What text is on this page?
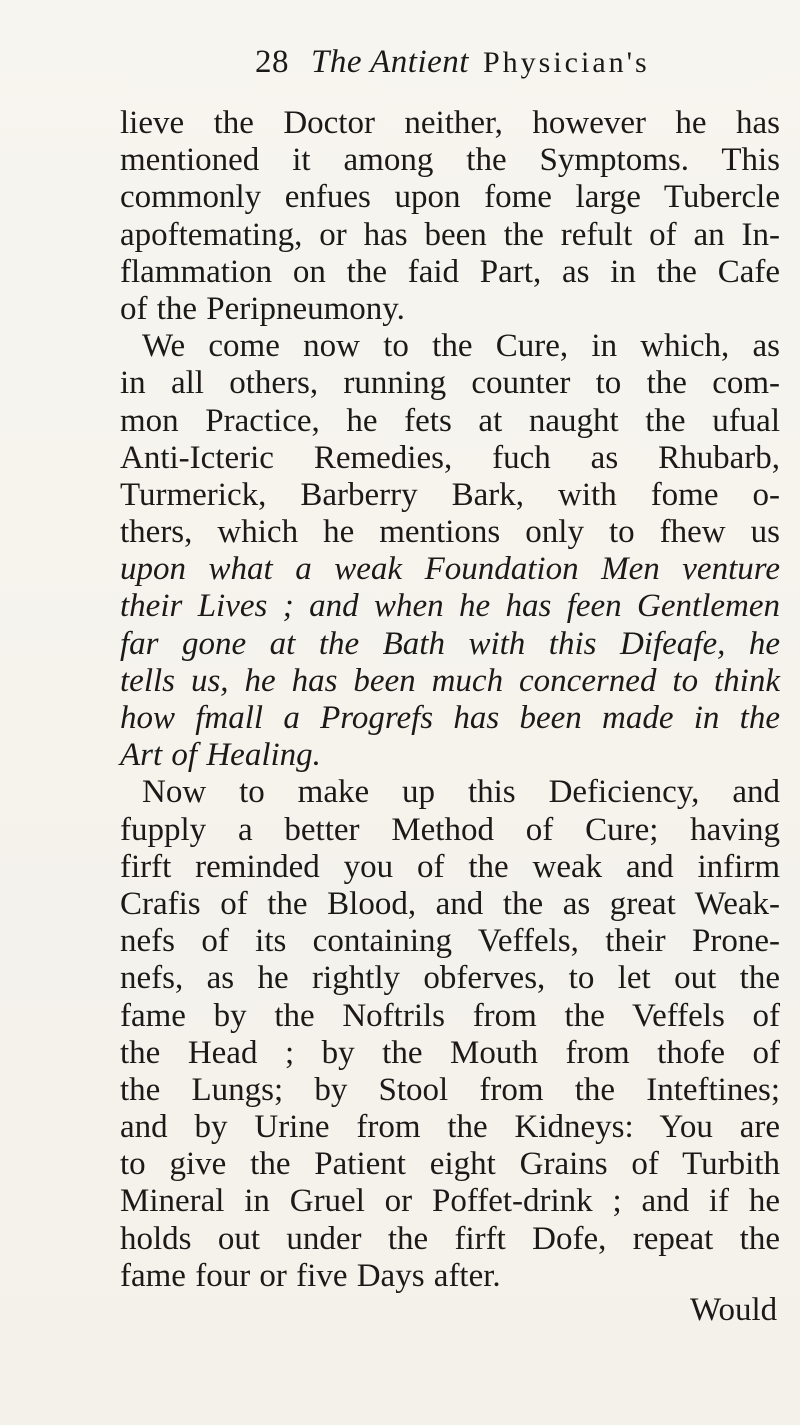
28 The Antient Physician's
lieve the Doctor neither, however he has
mentioned it among the Symptoms. This
commonly enfues upon fome large Tubercle
apoftemating, or has been the refult of an In-
flammation on the faid Part, as in the Cafe
of the Peripneumony.
We come now to the Cure, in which, as
in all others, running counter to the com-
mon Practice, he fets at naught the ufual
Anti-Icteric Remedies, fuch as Rhubarb,
Turmerick, Barberry Bark, with fome o-
thers, which he mentions only to fhew us
upon what a weak Foundation Men venture
their Lives ; and when he has feen Gentlemen
far gone at the Bath with this Difeafe, he
tells us, he has been much concerned to think
how fmall a Progrefs has been made in the
Art of Healing.
Now to make up this Deficiency, and
fupply a better Method of Cure; having
firft reminded you of the weak and infirm
Crafis of the Blood, and the as great Weak-
nefs of its containing Veffels, their Prone-
nefs, as he rightly obferves, to let out the
fame by the Noftrils from the Veffels of
the Head ; by the Mouth from thofe of
the Lungs; by Stool from the Inteftines;
and by Urine from the Kidneys: You are
to give the Patient eight Grains of Turbith
Mineral in Gruel or Poffet-drink ; and if he
holds out under the firft Dofe, repeat the
fame four or five Days after.
Would
